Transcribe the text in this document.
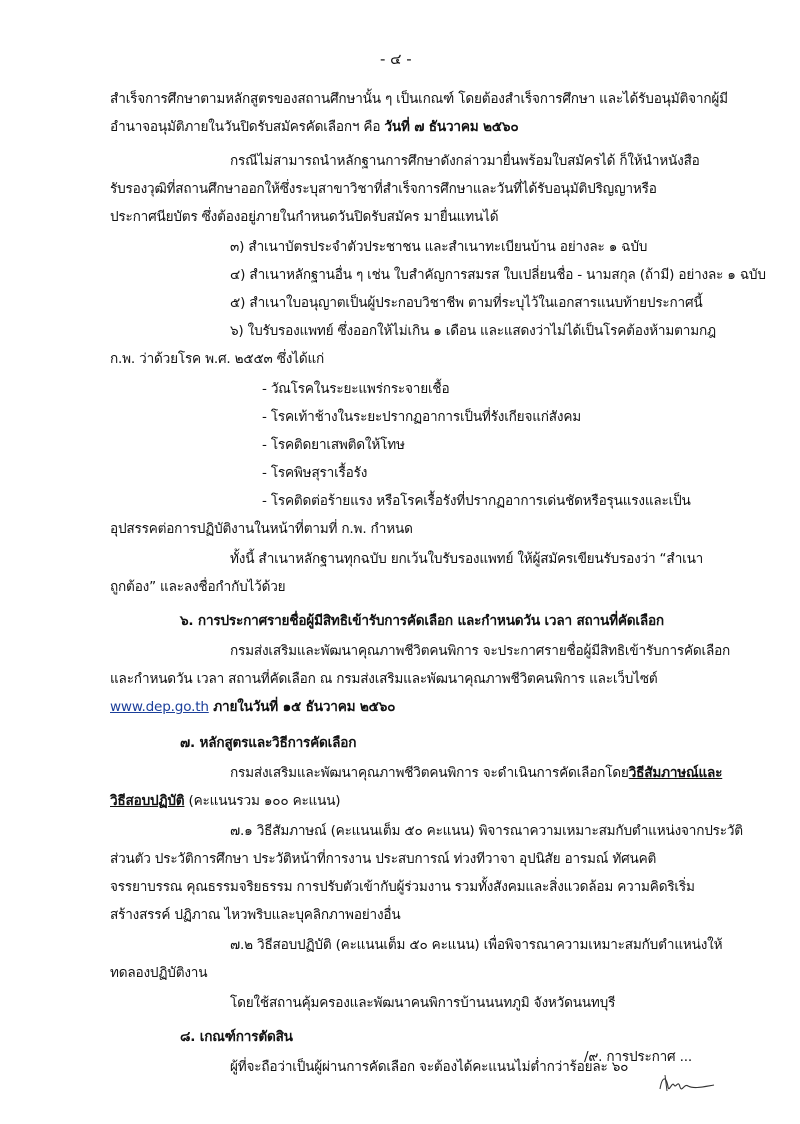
- ๔ -
สำเร็จการศึกษาตามหลักสูตรของสถานศึกษานั้น ๆ เป็นเกณฑ์ โดยต้องสำเร็จการศึกษา และได้รับอนุมัติจากผู้มี
อำนาจอนุมัติภายในวันปิดรับสมัครคัดเลือกฯ คือ วันที่ ๗ ธันวาคม ๒๕๖๐
กรณีไม่สามารถนำหลักฐานการศึกษาดังกล่าวมายื่นพร้อมใบสมัครได้ ก็ให้นำหนังสือ
รับรองวุฒิที่สถานศึกษาออกให้ซึ่งระบุสาขาวิชาที่สำเร็จการศึกษาและวันที่ได้รับอนุมัติปริญญาหรือ
ประกาศนียบัตร ซึ่งต้องอยู่ภายในกำหนดวันปิดรับสมัคร มายื่นแทนได้
๓) สำเนาบัตรประจำตัวประชาชน และสำเนาทะเบียนบ้าน อย่างละ ๑ ฉบับ
๔) สำเนาหลักฐานอื่น ๆ เช่น ใบสำคัญการสมรส ใบเปลี่ยนชื่อ - นามสกุล (ถ้ามี) อย่างละ ๑ ฉบับ
๕) สำเนาใบอนุญาตเป็นผู้ประกอบวิชาชีพ ตามที่ระบุไว้ในเอกสารแนบท้ายประกาศนี้
๖) ใบรับรองแพทย์ ซึ่งออกให้ไม่เกิน ๑ เดือน และแสดงว่าไม่ได้เป็นโรคต้องห้ามตามกฎ
ก.พ. ว่าด้วยโรค พ.ศ. ๒๕๕๓ ซึ่งได้แก่
- วัณโรคในระยะแพร่กระจายเชื้อ
- โรคเท้าช้างในระยะปรากฏอาการเป็นที่รังเกียจแก่สังคม
- โรคติดยาเสพติดให้โทษ
- โรคพิษสุราเรื้อรัง
- โรคติดต่อร้ายแรง หรือโรคเรื้อรังที่ปรากฏอาการเด่นชัดหรือรุนแรงและเป็น
อุปสรรคต่อการปฏิบัติงานในหน้าที่ตามที่ ก.พ. กำหนด
ทั้งนี้ สำเนาหลักฐานทุกฉบับ ยกเว้นใบรับรองแพทย์ ให้ผู้สมัครเขียนรับรองว่า “สำเนา
ถูกต้อง” และลงชื่อกำกับไว้ด้วย
๖. การประกาศรายชื่อผู้มีสิทธิเข้ารับการคัดเลือก และกำหนดวัน เวลา สถานที่คัดเลือก
กรมส่งเสริมและพัฒนาคุณภาพชีวิตคนพิการ จะประกาศรายชื่อผู้มีสิทธิเข้ารับการคัดเลือก
และกำหนดวัน เวลา สถานที่คัดเลือก ณ กรมส่งเสริมและพัฒนาคุณภาพชีวิตคนพิการ และเว็บไซต์
www.dep.go.th ภายในวันที่ ๑๕ ธันวาคม ๒๕๖๐
๗. หลักสูตรและวิธีการคัดเลือก
กรมส่งเสริมและพัฒนาคุณภาพชีวิตคนพิการ จะดำเนินการคัดเลือกโดยวิธีสัมภาษณ์และ
วิธีสอบปฏิบัติ (คะแนนรวม ๑๐๐ คะแนน)
๗.๑ วิธีสัมภาษณ์ (คะแนนเต็ม ๕๐ คะแนน) พิจารณาความเหมาะสมกับตำแหน่งจากประวัติ
ส่วนตัว ประวัติการศึกษา ประวัติหน้าที่การงาน ประสบการณ์ ท่วงทีวาจา อุปนิสัย อารมณ์ ทัศนคติ
จรรยาบรรณ คุณธรรมจริยธรรม การปรับตัวเข้ากับผู้ร่วมงาน รวมทั้งสังคมและสิ่งแวดล้อม ความคิดริเริ่ม
สร้างสรรค์ ปฏิภาณ ไหวพริบและบุคลิกภาพอย่างอื่น
๗.๒ วิธีสอบปฏิบัติ (คะแนนเต็ม ๕๐ คะแนน) เพื่อพิจารณาความเหมาะสมกับตำแหน่งให้
ทดลองปฏิบัติงาน
โดยใช้สถานคุ้มครองและพัฒนาคนพิการบ้านนนทภูมิ จังหวัดนนทบุรี
๘. เกณฑ์การตัดสิน
ผู้ที่จะถือว่าเป็นผู้ผ่านการคัดเลือก จะต้องได้คะแนนไม่ต่ำกว่าร้อยละ ๖๐
/๙. การประกาศ ...
